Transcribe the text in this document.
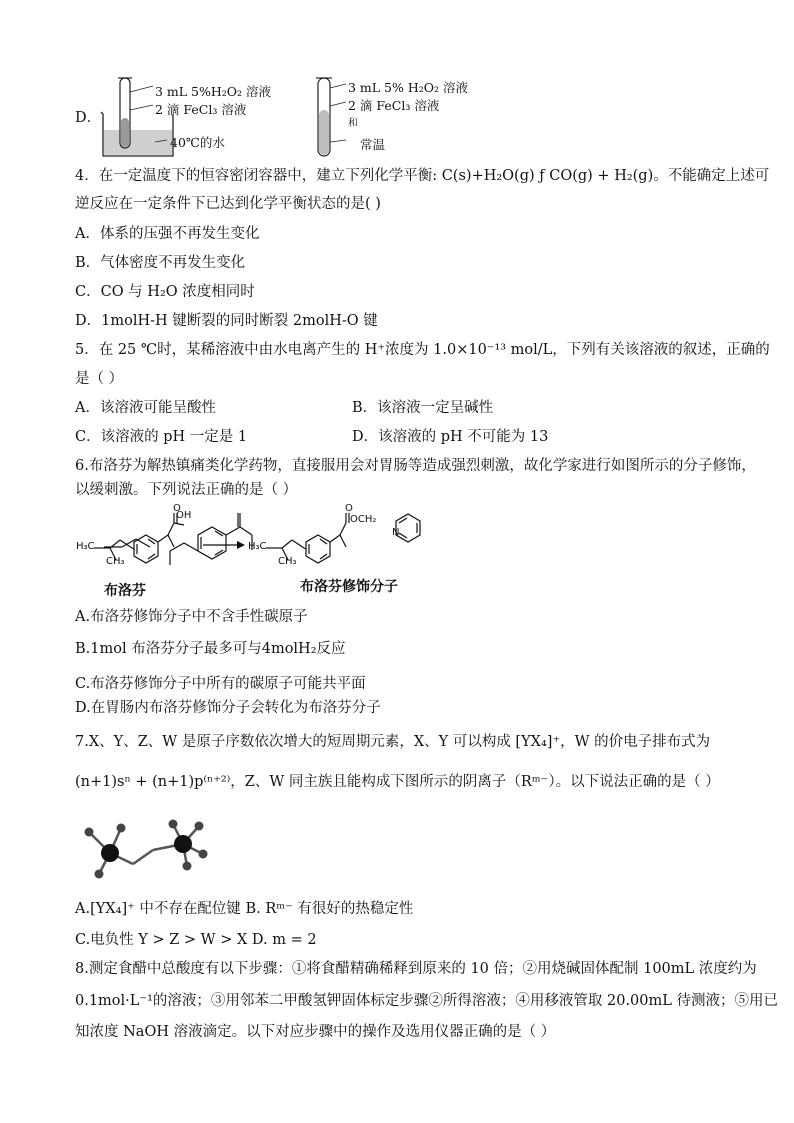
D．
3 mL 5%H₂O₂ 溶液
2 滴 FeCl₃ 溶液
40℃的水
3 mL 5% H₂O₂ 溶液
2 滴 FeCl₃ 溶液
和
常温
4．在一定温度下的恒容密闭容器中，建立下列化学平衡: C(s)+H₂O(g) ƒ CO(g) + H₂(g)。不能确定上述可
逆反应在一定条件下已达到化学平衡状态的是( )
A．体系的压强不再发生变化
B．气体密度不再发生变化
C．CO 与 H₂O 浓度相同时
D．1molH-H 键断裂的同时断裂 2molH-O 键
5．在 25 ℃时，某稀溶液中由水电离产生的 H⁺浓度为 1.0×10⁻¹³ mol/L，下列有关该溶液的叙述，正确的
是（ ）
A．该溶液可能呈酸性	B．该溶液一定呈碱性
C．该溶液的 pH 一定是 1	D．该溶液的 pH 不可能为 13
6.布洛芬为解热镇痛类化学药物，直接服用会对胃肠等造成强烈刺激，故化学家进行如图所示的分子修饰，
以缓刺激。下列说法正确的是（ ）
OH
O	O
OCH₂
N
H₃C
CH₃
H₃C
CH₃
布洛芬	布洛芬修饰分子
A.布洛芬修饰分子中不含手性碳原子
B.1mol 布洛芬分子最多可与4molH₂反应
C.布洛芬修饰分子中所有的碳原子可能共平面
D.在胃肠内布洛芬修饰分子会转化为布洛芬分子
7.X、Y、Z、W 是原子序数依次增大的短周期元素，X、Y 可以构成 [YX₄]⁺，W 的价电子排布式为
(n+1)sⁿ + (n+1)p⁽ⁿ⁺²⁾，Z、W 同主族且能构成下图所示的阴离子（Rᵐ⁻）。以下说法正确的是（ ）
A.[YX₄]⁺ 中不存在配位键 B. Rᵐ⁻ 有很好的热稳定性
C.电负性 Y > Z > W > X D. m = 2
8.测定食醋中总酸度有以下步骤：①将食醋精确稀释到原来的 10 倍；②用烧碱固体配制 100mL 浓度约为
0.1mol·L⁻¹的溶液；③用邻苯二甲酸氢钾固体标定步骤②所得溶液；④用移液管取 20.00mL 待测液；⑤用已
知浓度 NaOH 溶液滴定。以下对应步骤中的操作及选用仪器正确的是（ ）
